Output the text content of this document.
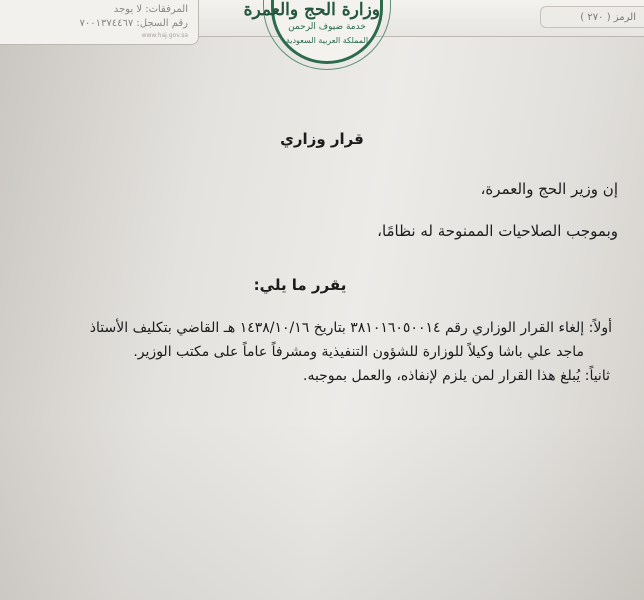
المرفقات: لا يوجد
رقم السجل: ٧٠٠١٣٧٤٤٦٧
www.haj.gov.sa
الرمز ( ٢٧٠ )
وزارة الحج والعمرة
خدمة ضيوف الرحمن
المملكة العربية السعودية
قرار وزاري
إن وزير الحج والعمرة،
وبموجب الصلاحيات الممنوحة له نظامًا،
يقرر ما يلي:
أولاً: إلغاء القرار الوزاري رقم ٣٨١٠١٦٠٥٠٠١٤ بتاريخ ١٤٣٨/١٠/١٦ هـ القاضي بتكليف الأستاذ
ماجد علي باشا وكيلاً للوزارة للشؤون التنفيذية ومشرفاً عاماً على مكتب الوزير.
ثانياً: يُبلغ هذا القرار لمن يلزم لإنفاذه، والعمل بموجبه.
